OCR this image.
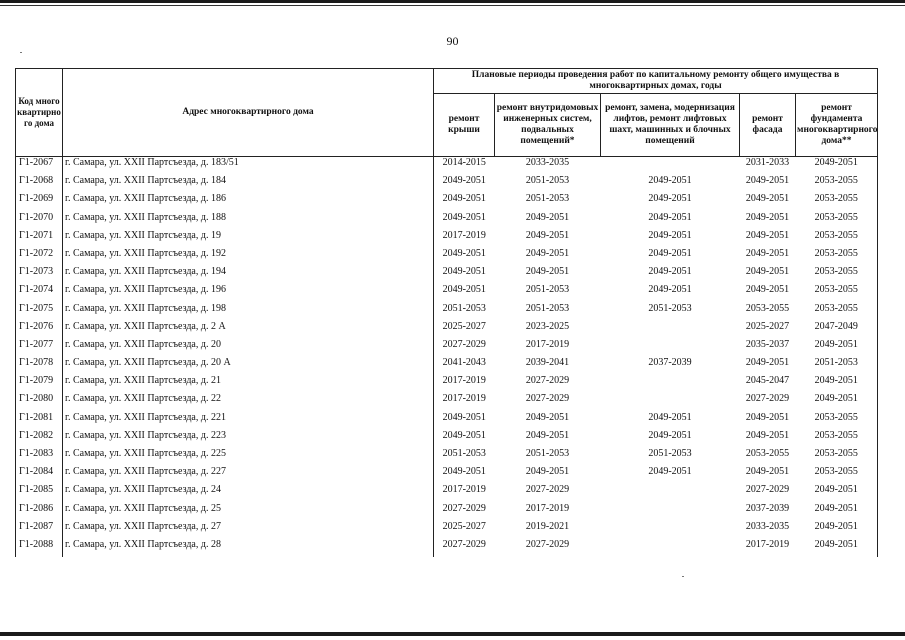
90
Код многоквартирного дома	Адрес многоквартирного дома	Плановые периоды проведения работ по капитальному ремонту общего имущества в многоквартирных домах, годы				
		ремонт крыши	ремонт внутридомовых инженерных систем, подвальных помещений*	ремонт, замена, модернизация лифтов, ремонт лифтовых шахт, машинных и блочных помещений	ремонт фасада	ремонт фундамента многоквартирного дома**
Г1-2067	г. Самара, ул. XXII Партсъезда, д. 183/51	2014-2015	2033-2035		2031-2033	2049-2051
Г1-2068	г. Самара, ул. XXII Партсъезда, д. 184	2049-2051	2051-2053	2049-2051	2049-2051	2053-2055
Г1-2069	г. Самара, ул. XXII Партсъезда, д. 186	2049-2051	2051-2053	2049-2051	2049-2051	2053-2055
Г1-2070	г. Самара, ул. XXII Партсъезда, д. 188	2049-2051	2049-2051	2049-2051	2049-2051	2053-2055
Г1-2071	г. Самара, ул. XXII Партсъезда, д. 19	2017-2019	2049-2051	2049-2051	2049-2051	2053-2055
Г1-2072	г. Самара, ул. XXII Партсъезда, д. 192	2049-2051	2049-2051	2049-2051	2049-2051	2053-2055
Г1-2073	г. Самара, ул. XXII Партсъезда, д. 194	2049-2051	2049-2051	2049-2051	2049-2051	2053-2055
Г1-2074	г. Самара, ул. XXII Партсъезда, д. 196	2049-2051	2051-2053	2049-2051	2049-2051	2053-2055
Г1-2075	г. Самара, ул. XXII Партсъезда, д. 198	2051-2053	2051-2053	2051-2053	2053-2055	2053-2055
Г1-2076	г. Самара, ул. XXII Партсъезда, д. 2 А	2025-2027	2023-2025		2025-2027	2047-2049
Г1-2077	г. Самара, ул. XXII Партсъезда, д. 20	2027-2029	2017-2019		2035-2037	2049-2051
Г1-2078	г. Самара, ул. XXII Партсъезда, д. 20 А	2041-2043	2039-2041	2037-2039	2049-2051	2051-2053
Г1-2079	г. Самара, ул. XXII Партсъезда, д. 21	2017-2019	2027-2029		2045-2047	2049-2051
Г1-2080	г. Самара, ул. XXII Партсъезда, д. 22	2017-2019	2027-2029		2027-2029	2049-2051
Г1-2081	г. Самара, ул. XXII Партсъезда, д. 221	2049-2051	2049-2051	2049-2051	2049-2051	2053-2055
Г1-2082	г. Самара, ул. XXII Партсъезда, д. 223	2049-2051	2049-2051	2049-2051	2049-2051	2053-2055
Г1-2083	г. Самара, ул. XXII Партсъезда, д. 225	2051-2053	2051-2053	2051-2053	2053-2055	2053-2055
Г1-2084	г. Самара, ул. XXII Партсъезда, д. 227	2049-2051	2049-2051	2049-2051	2049-2051	2053-2055
Г1-2085	г. Самара, ул. XXII Партсъезда, д. 24	2017-2019	2027-2029		2027-2029	2049-2051
Г1-2086	г. Самара, ул. XXII Партсъезда, д. 25	2027-2029	2017-2019		2037-2039	2049-2051
Г1-2087	г. Самара, ул. XXII Партсъезда, д. 27	2025-2027	2019-2021		2033-2035	2049-2051
Г1-2088	г. Самара, ул. XXII Партсъезда, д. 28	2027-2029	2027-2029		2017-2019	2049-2051
